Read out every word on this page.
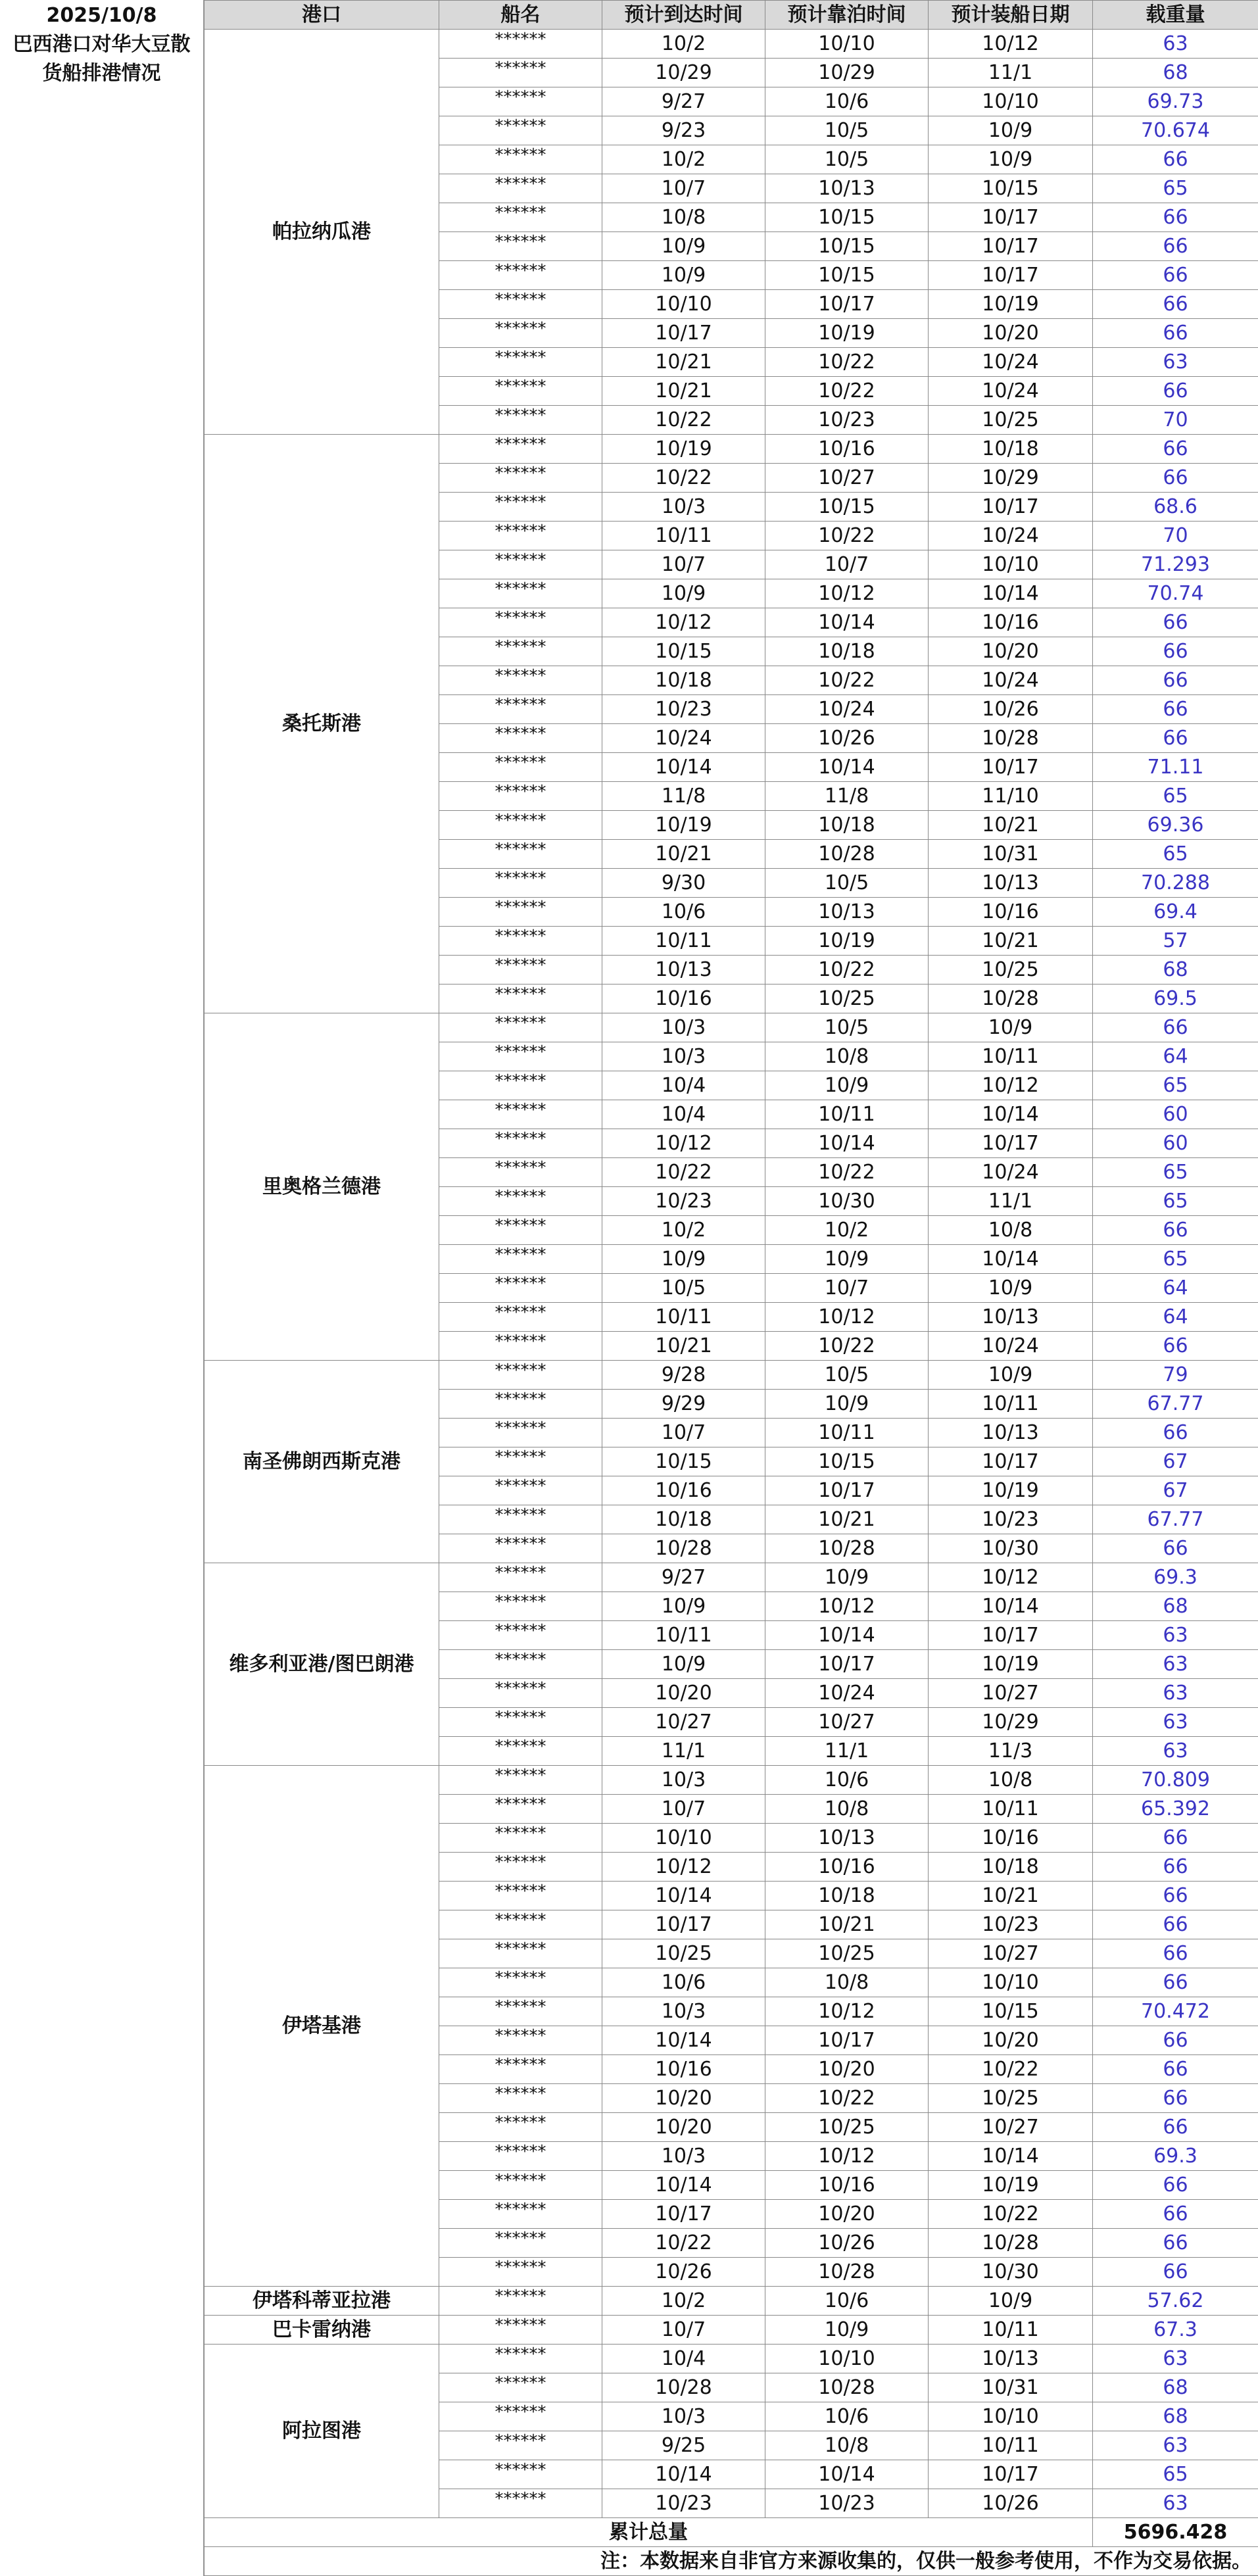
2025/10/8
巴西港口对华大豆散
货船排港情况
港口	船名	预计到达时间	预计靠泊时间	预计装船日期	载重量
帕拉纳瓜港	******	10/2	10/10	10/12	63
	******	10/29	10/29	11/1	68
	******	9/27	10/6	10/10	69.73
	******	9/23	10/5	10/9	70.674
	******	10/2	10/5	10/9	66
	******	10/7	10/13	10/15	65
	******	10/8	10/15	10/17	66
	******	10/9	10/15	10/17	66
	******	10/9	10/15	10/17	66
	******	10/10	10/17	10/19	66
	******	10/17	10/19	10/20	66
	******	10/21	10/22	10/24	63
	******	10/21	10/22	10/24	66
	******	10/22	10/23	10/25	70
桑托斯港	******	10/19	10/16	10/18	66
	******	10/22	10/27	10/29	66
	******	10/3	10/15	10/17	68.6
	******	10/11	10/22	10/24	70
	******	10/7	10/7	10/10	71.293
	******	10/9	10/12	10/14	70.74
	******	10/12	10/14	10/16	66
	******	10/15	10/18	10/20	66
	******	10/18	10/22	10/24	66
	******	10/23	10/24	10/26	66
	******	10/24	10/26	10/28	66
	******	10/14	10/14	10/17	71.11
	******	11/8	11/8	11/10	65
	******	10/19	10/18	10/21	69.36
	******	10/21	10/28	10/31	65
	******	9/30	10/5	10/13	70.288
	******	10/6	10/13	10/16	69.4
	******	10/11	10/19	10/21	57
	******	10/13	10/22	10/25	68
	******	10/16	10/25	10/28	69.5
里奥格兰德港	******	10/3	10/5	10/9	66
	******	10/3	10/8	10/11	64
	******	10/4	10/9	10/12	65
	******	10/4	10/11	10/14	60
	******	10/12	10/14	10/17	60
	******	10/22	10/22	10/24	65
	******	10/23	10/30	11/1	65
	******	10/2	10/2	10/8	66
	******	10/9	10/9	10/14	65
	******	10/5	10/7	10/9	64
	******	10/11	10/12	10/13	64
	******	10/21	10/22	10/24	66
南圣佛朗西斯克港	******	9/28	10/5	10/9	79
	******	9/29	10/9	10/11	67.77
	******	10/7	10/11	10/13	66
	******	10/15	10/15	10/17	67
	******	10/16	10/17	10/19	67
	******	10/18	10/21	10/23	67.77
	******	10/28	10/28	10/30	66
维多利亚港/图巴朗港	******	9/27	10/9	10/12	69.3
	******	10/9	10/12	10/14	68
	******	10/11	10/14	10/17	63
	******	10/9	10/17	10/19	63
	******	10/20	10/24	10/27	63
	******	10/27	10/27	10/29	63
	******	11/1	11/1	11/3	63
伊塔基港	******	10/3	10/6	10/8	70.809
	******	10/7	10/8	10/11	65.392
	******	10/10	10/13	10/16	66
	******	10/12	10/16	10/18	66
	******	10/14	10/18	10/21	66
	******	10/17	10/21	10/23	66
	******	10/25	10/25	10/27	66
	******	10/6	10/8	10/10	66
	******	10/3	10/12	10/15	70.472
	******	10/14	10/17	10/20	66
	******	10/16	10/20	10/22	66
	******	10/20	10/22	10/25	66
	******	10/20	10/25	10/27	66
	******	10/3	10/12	10/14	69.3
	******	10/14	10/16	10/19	66
	******	10/17	10/20	10/22	66
	******	10/22	10/26	10/28	66
	******	10/26	10/28	10/30	66
伊塔科蒂亚拉港	******	10/2	10/6	10/9	57.62
巴卡雷纳港	******	10/7	10/9	10/11	67.3
阿拉图港	******	10/4	10/10	10/13	63
	******	10/28	10/28	10/31	68
	******	10/3	10/6	10/10	68
	******	9/25	10/8	10/11	63
	******	10/14	10/14	10/17	65
	******	10/23	10/23	10/26	63
累计总量					5696.428
注：本数据来自非官方来源收集的，仅供一般参考使用，不作为交易依据。					
